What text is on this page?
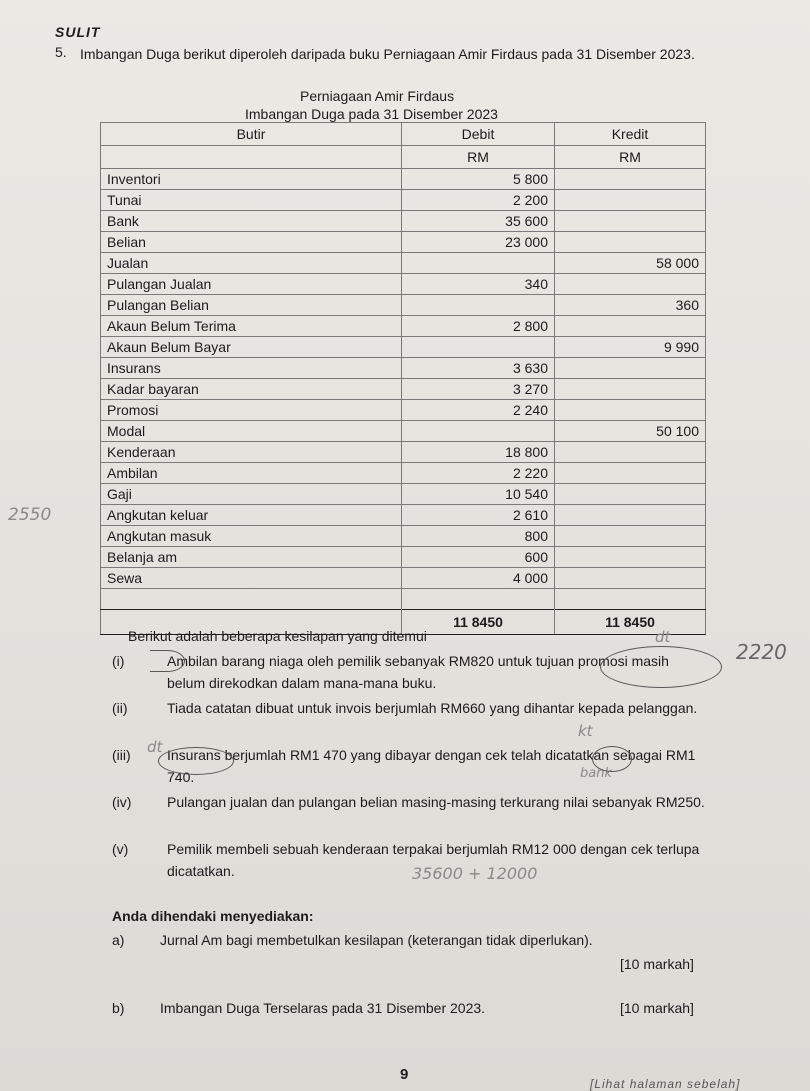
SULIT
5. Imbangan Duga berikut diperoleh daripada buku Perniagaan Amir Firdaus pada 31 Disember 2023.
Perniagaan Amir Firdaus
Imbangan Duga pada 31 Disember 2023
Butir	Debit	Kredit
	RM	RM
Inventori	5 800	
Tunai	2 200	
Bank	35 600	
Belian	23 000	
Jualan		58 000
Pulangan Jualan	340	
Pulangan Belian		360
Akaun Belum Terima	2 800	
Akaun Belum Bayar		9 990
Insurans	3 630	
Kadar bayaran	3 270	
Promosi	2 240	
Modal		50 100
Kenderaan	18 800	
Ambilan	2 220	
Gaji	10 540	
Angkutan keluar	2 610	
Angkutan masuk	800	
Belanja am	600	
Sewa	4 000	

	11 8450	11 8450
Berikut adalah beberapa kesilapan yang ditemui
(i)	Ambilan barang niaga oleh pemilik sebanyak RM820 untuk tujuan promosi masih belum direkodkan dalam mana-mana buku.
(ii)	Tiada catatan dibuat untuk invois berjumlah RM660 yang dihantar kepada pelanggan.
(iii)	Insurans berjumlah RM1 470 yang dibayar dengan cek telah dicatatkan sebagai RM1 740.
(iv)	Pulangan jualan dan pulangan belian masing-masing terkurang nilai sebanyak RM250.
(v)	Pemilik membeli sebuah kenderaan terpakai berjumlah RM12 000 dengan cek terlupa dicatatkan.
Anda dihendaki menyediakan:
a)	Jurnal Am bagi membetulkan kesilapan (keterangan tidak diperlukan).
[10 markah]
b)	Imbangan Duga Terselaras pada 31 Disember 2023.	[10 markah]
9
[Lihat halaman sebelah]
2550
dt
2220
kt
dt
bank
35600 + 12000
